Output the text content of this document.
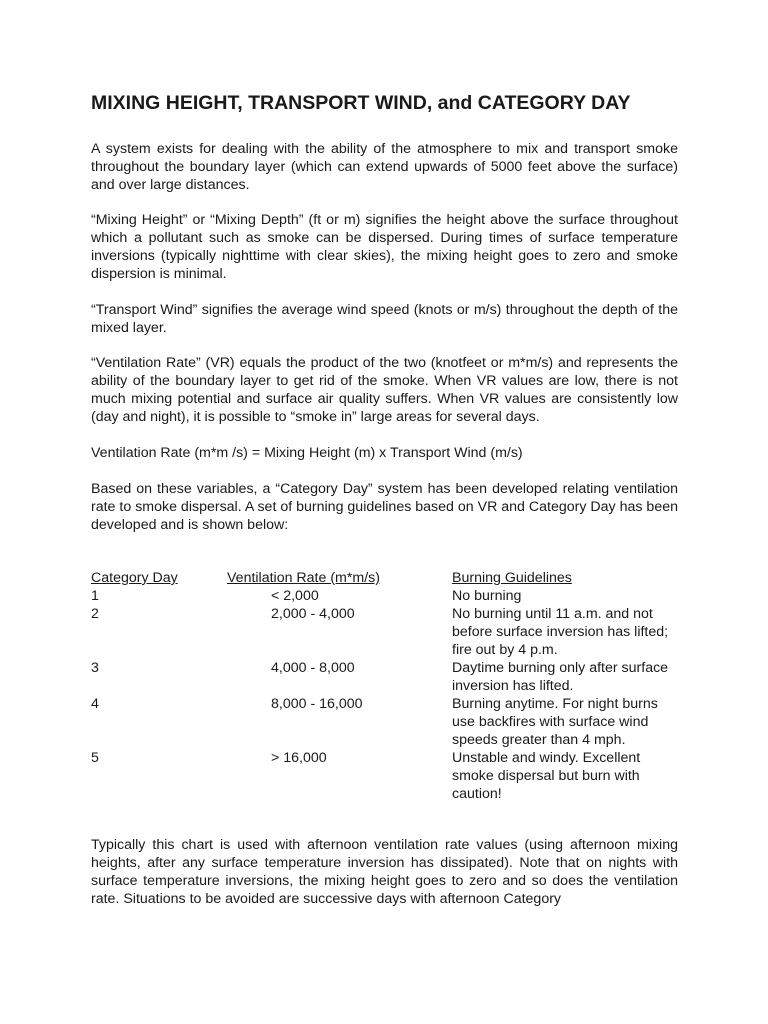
MIXING HEIGHT, TRANSPORT WIND, and CATEGORY DAY

A system exists for dealing with the ability of the atmosphere to mix and transport smoke throughout the boundary layer (which can extend upwards of 5000 feet above the surface) and over large distances.

“Mixing Height” or “Mixing Depth” (ft or m) signifies the height above the surface throughout which a pollutant such as smoke can be dispersed. During times of surface temperature inversions (typically nighttime with clear skies), the mixing height goes to zero and smoke dispersion is minimal.

“Transport Wind” signifies the average wind speed (knots or m/s) throughout the depth of the mixed layer.

“Ventilation Rate” (VR) equals the product of the two (knotfeet or m*m/s) and represents the ability of the boundary layer to get rid of the smoke. When VR values are low, there is not much mixing potential and surface air quality suffers. When VR values are consistently low (day and night), it is possible to “smoke in” large areas for several days.

Ventilation Rate (m*m /s) = Mixing Height (m) x Transport Wind (m/s)

Based on these variables, a “Category Day” system has been developed relating ventilation rate to smoke dispersal. A set of burning guidelines based on VR and Category Day has been developed and is shown below:

Category Day	Ventilation Rate (m*m/s)	Burning Guidelines
1	< 2,000	No burning
2	2,000 - 4,000	No burning until 11 a.m. and not before surface inversion has lifted; fire out by 4 p.m.
3	4,000 - 8,000	Daytime burning only after surface inversion has lifted.
4	8,000 - 16,000	Burning anytime. For night burns use backfires with surface wind speeds greater than 4 mph.
5	> 16,000	Unstable and windy. Excellent smoke dispersal but burn with caution!

Typically this chart is used with afternoon ventilation rate values (using afternoon mixing heights, after any surface temperature inversion has dissipated). Note that on nights with surface temperature inversions, the mixing height goes to zero and so does the ventilation rate. Situations to be avoided are successive days with afternoon Category
